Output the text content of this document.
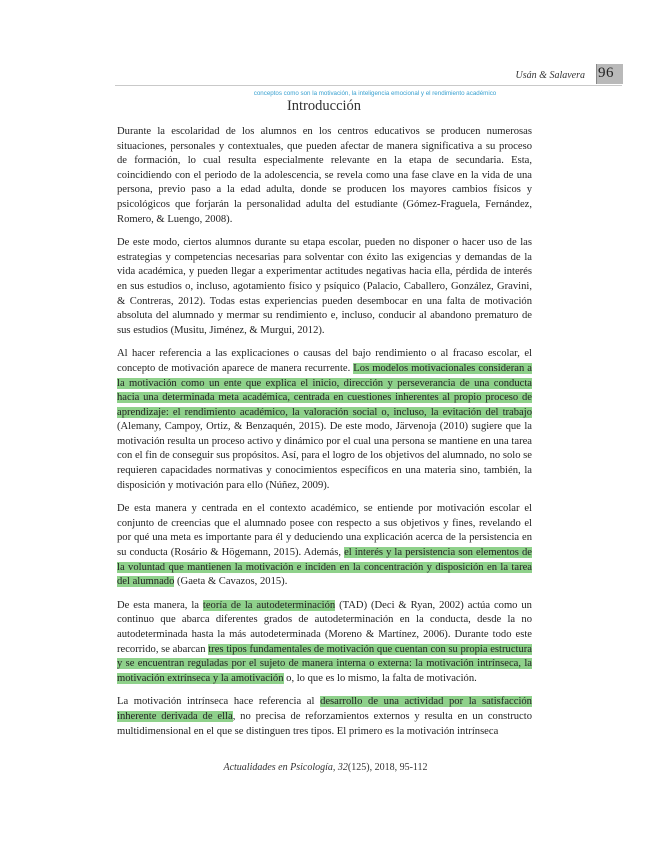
Usán & Salavera 96
conceptos como son la motivación, la inteligencia emocional y el rendimiento académico
Introducción

Durante la escolaridad de los alumnos en los centros educativos se producen numerosas situaciones, personales y contextuales, que pueden afectar de manera significativa a su proceso de formación, lo cual resulta especialmente relevante en la etapa de secundaria. Esta, coincidiendo con el periodo de la adolescencia, se revela como una fase clave en la vida de una persona, previo paso a la edad adulta, donde se producen los mayores cambios físicos y psicológicos que forjarán la personalidad adulta del estudiante (Gómez-Fraguela, Fernández, Romero, & Luengo, 2008).

De este modo, ciertos alumnos durante su etapa escolar, pueden no disponer o hacer uso de las estrategias y competencias necesarias para solventar con éxito las exigencias y demandas de la vida académica, y pueden llegar a experimentar actitudes negativas hacia ella, pérdida de interés en sus estudios o, incluso, agotamiento físico y psíquico (Palacio, Caballero, González, Gravini, & Contreras, 2012). Todas estas experiencias pueden desembocar en una falta de motivación absoluta del alumnado y mermar su rendimiento e, incluso, conducir al abandono prematuro de sus estudios (Musitu, Jiménez, & Murgui, 2012).

Al hacer referencia a las explicaciones o causas del bajo rendimiento o al fracaso escolar, el concepto de motivación aparece de manera recurrente. Los modelos motivacionales consideran a la motivación como un ente que explica el inicio, dirección y perseverancia de una conducta hacia una determinada meta académica, centrada en cuestiones inherentes al propio proceso de aprendizaje: el rendimiento académico, la valoración social o, incluso, la evitación del trabajo (Alemany, Campoy, Ortiz, & Benzaquén, 2015). De este modo, Järvenoja (2010) sugiere que la motivación resulta un proceso activo y dinámico por el cual una persona se mantiene en una tarea con el fin de conseguir sus propósitos. Así, para el logro de los objetivos del alumnado, no solo se requieren capacidades normativas y conocimientos específicos en una materia sino, también, la disposición y motivación para ello (Núñez, 2009).

De esta manera y centrada en el contexto académico, se entiende por motivación escolar el conjunto de creencias que el alumnado posee con respecto a sus objetivos y fines, revelando el por qué una meta es importante para él y deduciendo una explicación acerca de la persistencia en su conducta (Rosário & Högemann, 2015). Además, el interés y la persistencia son elementos de la voluntad que mantienen la motivación e inciden en la concentración y disposición en la tarea del alumnado (Gaeta & Cavazos, 2015).

De esta manera, la teoría de la autodeterminación (TAD) (Deci & Ryan, 2002) actúa como un continuo que abarca diferentes grados de autodeterminación en la conducta, desde la no autodeterminada hasta la más autodeterminada (Moreno & Martínez, 2006). Durante todo este recorrido, se abarcan tres tipos fundamentales de motivación que cuentan con su propia estructura y se encuentran reguladas por el sujeto de manera interna o externa: la motivación intrínseca, la motivación extrínseca y la amotivación o, lo que es lo mismo, la falta de motivación.

La motivación intrínseca hace referencia al desarrollo de una actividad por la satisfacción inherente derivada de ella, no precisa de reforzamientos externos y resulta en un constructo multidimensional en el que se distinguen tres tipos. El primero es la motivación intrínseca

Actualidades en Psicología, 32(125), 2018, 95-112
